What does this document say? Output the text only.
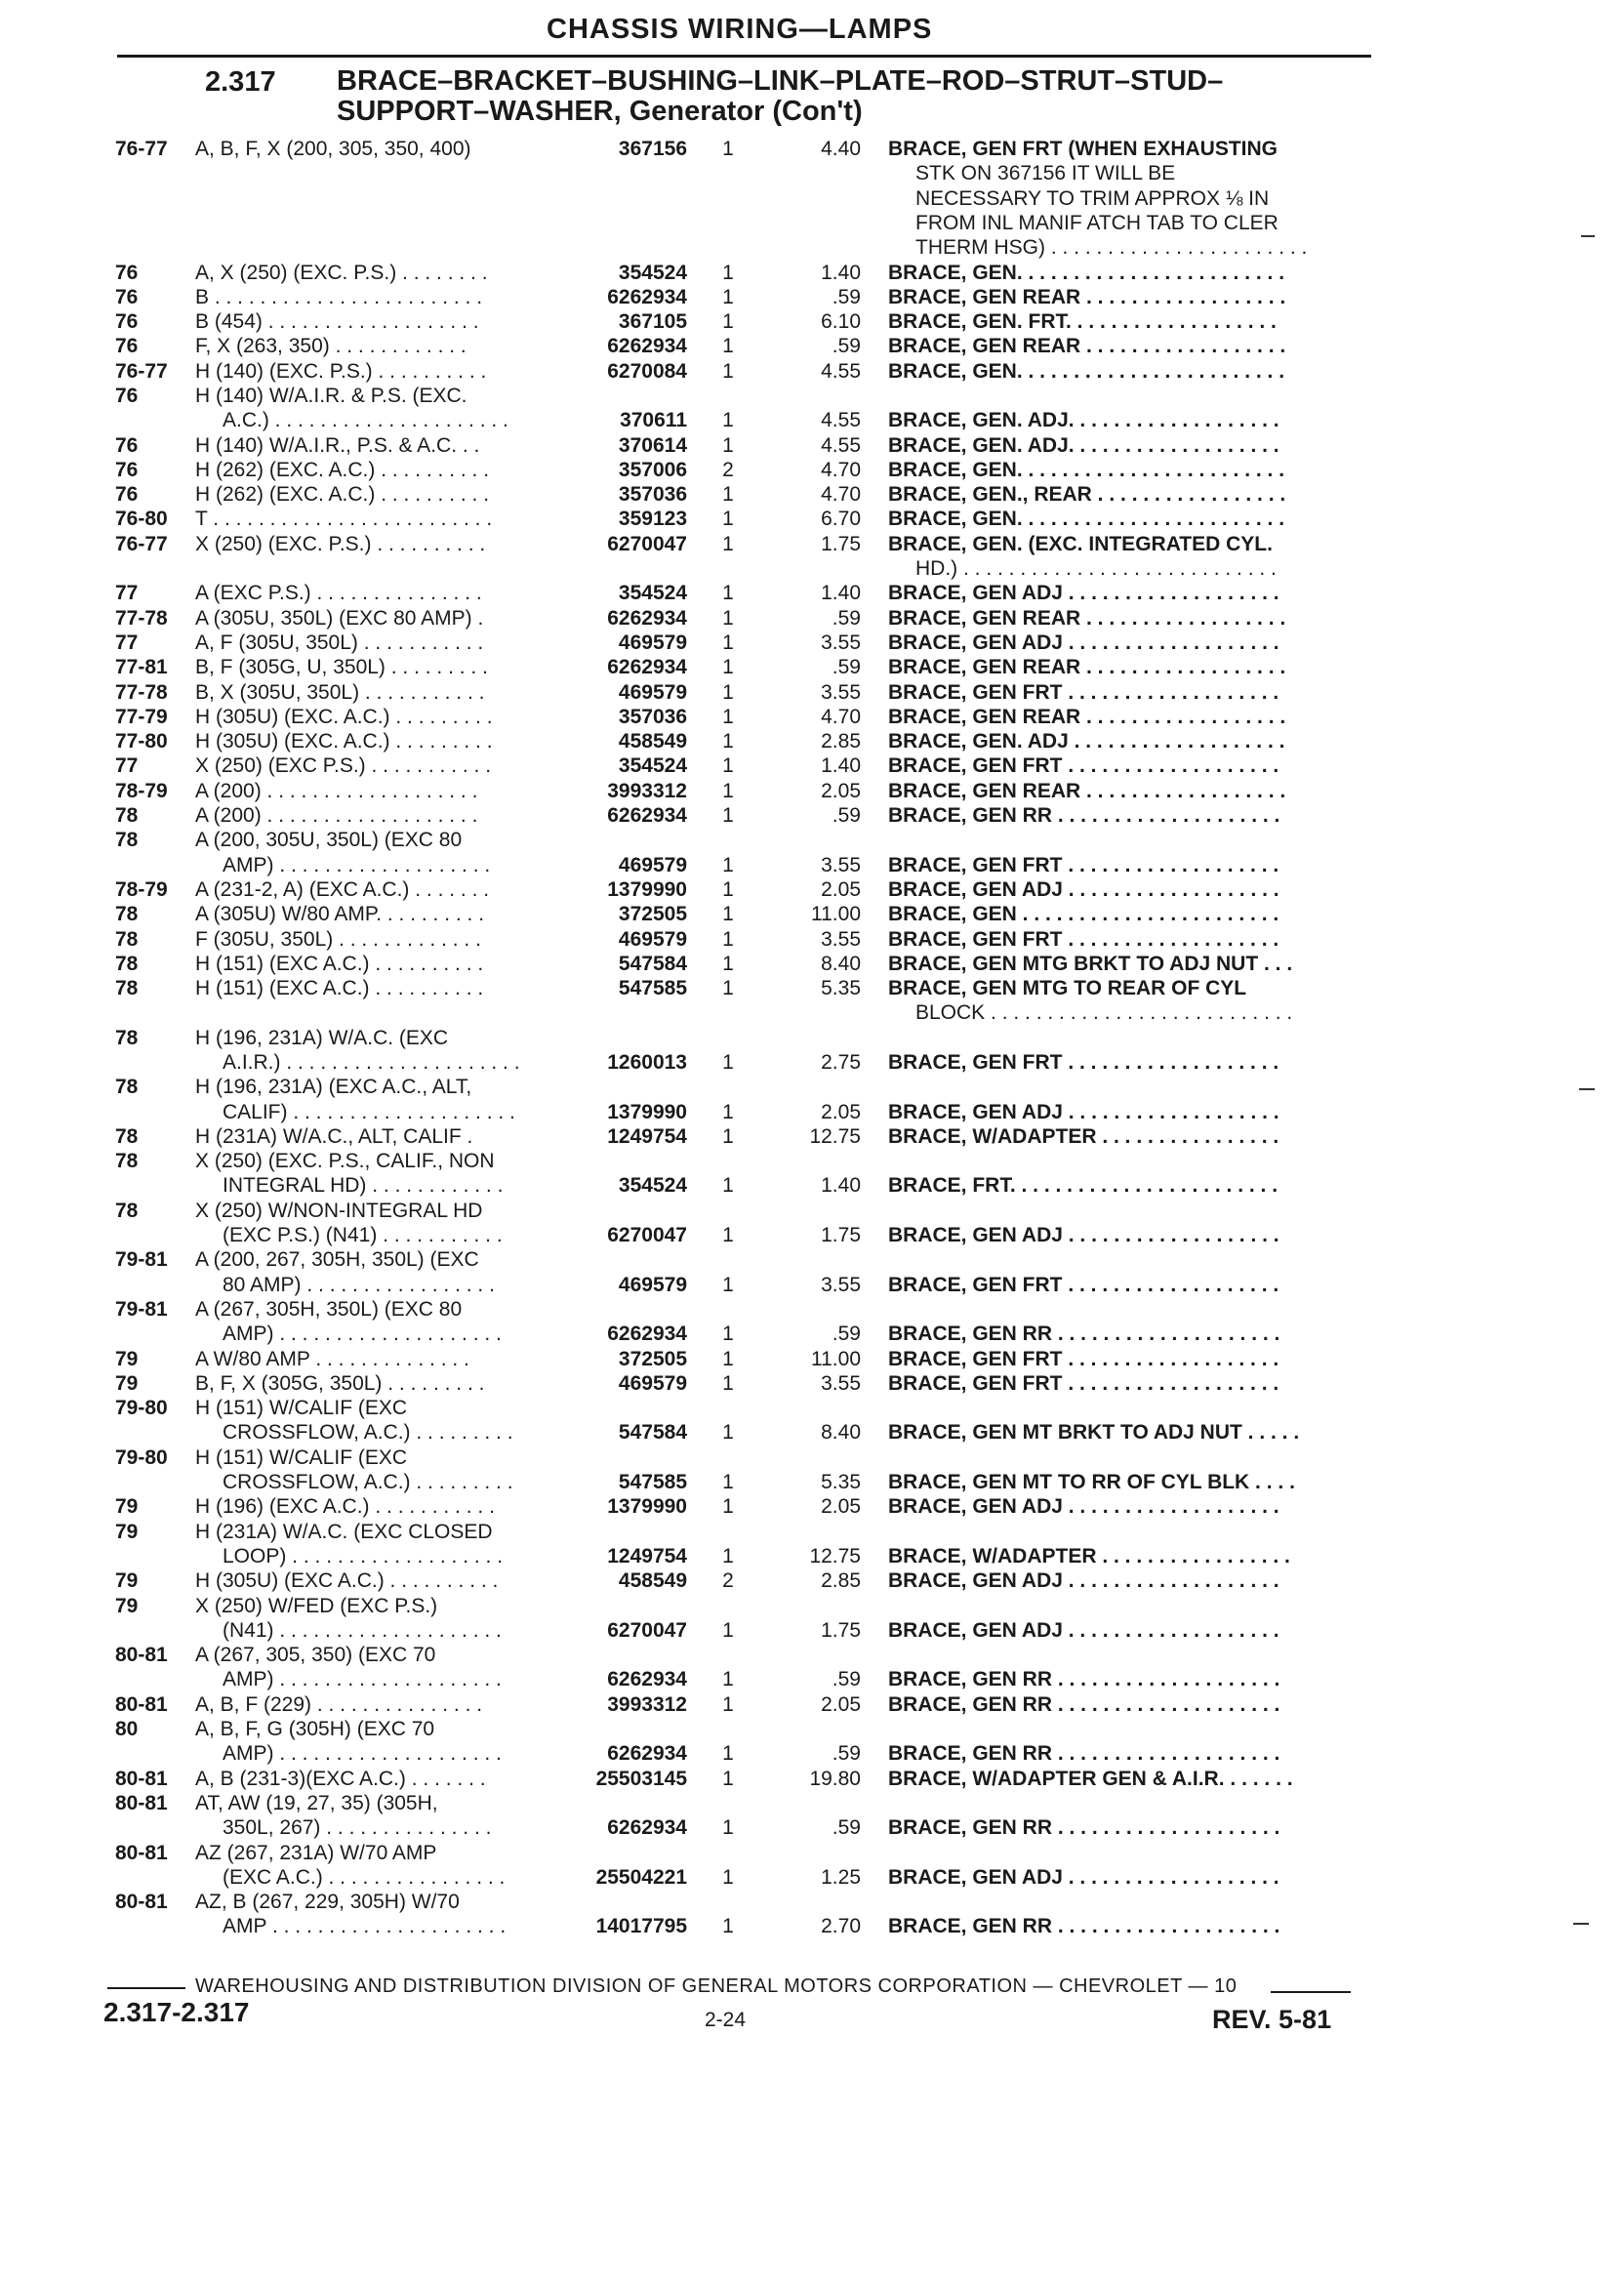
CHASSIS WIRING—LAMPS
2.317 BRACE–BRACKET–BUSHING–LINK–PLATE–ROD–STRUT–STUD–
SUPPORT–WASHER, Generator (Con't)
76-77 A, B, F, X (200, 305, 350, 400)	367156 1	4.40 BRACE, GEN FRT (WHEN EXHAUSTING
STK ON 367156 IT WILL BE
NECESSARY TO TRIM APPROX ⅛ IN
FROM INL MANIF ATCH TAB TO CLER
THERM HSG) . . . . . . . . . . . . . . . . . . . . . . .
76	A, X (250) (EXC. P.S.) . . . . . . . .	354524 1	1.40 BRACE, GEN. . . . . . . . . . . . . . . . . . . . . . . .
76	B . . . . . . . . . . . . . . . . . . . . . . . .	6262934 1	.59 BRACE, GEN REAR . . . . . . . . . . . . . . . . . .
76	B (454) . . . . . . . . . . . . . . . . . . .	367105 1	6.10 BRACE, GEN. FRT. . . . . . . . . . . . . . . . . . .
76	F, X (263, 350) . . . . . . . . . . . .	6262934 1	.59 BRACE, GEN REAR . . . . . . . . . . . . . . . . . .
76-77 H (140) (EXC. P.S.) . . . . . . . . . .	6270084 1	4.55 BRACE, GEN. . . . . . . . . . . . . . . . . . . . . . . .
76	H (140) W/A.I.R. & P.S. (EXC.
A.C.) . . . . . . . . . . . . . . . . . . . . .	370611 1	4.55 BRACE, GEN. ADJ. . . . . . . . . . . . . . . . . . .
76	H (140) W/A.I.R., P.S. & A.C. . .	370614 1	4.55 BRACE, GEN. ADJ. . . . . . . . . . . . . . . . . . .
76	H (262) (EXC. A.C.) . . . . . . . . . .	357006 2	4.70 BRACE, GEN. . . . . . . . . . . . . . . . . . . . . . . .
76	H (262) (EXC. A.C.) . . . . . . . . . .	357036 1	4.70 BRACE, GEN., REAR . . . . . . . . . . . . . . . . .
76-80 T . . . . . . . . . . . . . . . . . . . . . . . . .	359123 1	6.70 BRACE, GEN. . . . . . . . . . . . . . . . . . . . . . . .
76-77 X (250) (EXC. P.S.) . . . . . . . . . .	6270047 1	1.75 BRACE, GEN. (EXC. INTEGRATED CYL.
HD.) . . . . . . . . . . . . . . . . . . . . . . . . . . . .
77	A (EXC P.S.) . . . . . . . . . . . . . . .	354524 1	1.40 BRACE, GEN ADJ . . . . . . . . . . . . . . . . . . .
77-78 A (305U, 350L) (EXC 80 AMP) .	6262934 1	.59 BRACE, GEN REAR . . . . . . . . . . . . . . . . . .
77	A, F (305U, 350L) . . . . . . . . . . .	469579 1	3.55 BRACE, GEN ADJ . . . . . . . . . . . . . . . . . . .
77-81 B, F (305G, U, 350L) . . . . . . . . .	6262934 1	.59 BRACE, GEN REAR . . . . . . . . . . . . . . . . . .
77-78 B, X (305U, 350L) . . . . . . . . . . .	469579 1	3.55 BRACE, GEN FRT . . . . . . . . . . . . . . . . . . .
77-79 H (305U) (EXC. A.C.) . . . . . . . . .	357036 1	4.70 BRACE, GEN REAR . . . . . . . . . . . . . . . . . .
77-80 H (305U) (EXC. A.C.) . . . . . . . . .	458549 1	2.85 BRACE, GEN. ADJ . . . . . . . . . . . . . . . . . . .
77	X (250) (EXC P.S.) . . . . . . . . . . .	354524 1	1.40 BRACE, GEN FRT . . . . . . . . . . . . . . . . . . .
78-79 A (200) . . . . . . . . . . . . . . . . . . .	3993312 1	2.05 BRACE, GEN REAR . . . . . . . . . . . . . . . . . .
78	A (200) . . . . . . . . . . . . . . . . . . .	6262934 1	.59 BRACE, GEN RR . . . . . . . . . . . . . . . . . . . .
78	A (200, 305U, 350L) (EXC 80
AMP) . . . . . . . . . . . . . . . . . . .	469579 1	3.55 BRACE, GEN FRT . . . . . . . . . . . . . . . . . . .
78-79 A (231-2, A) (EXC A.C.) . . . . . . .	1379990 1	2.05 BRACE, GEN ADJ . . . . . . . . . . . . . . . . . . .
78	A (305U) W/80 AMP. . . . . . . . . .	372505 1	11.00 BRACE, GEN . . . . . . . . . . . . . . . . . . . . . . .
78	F (305U, 350L) . . . . . . . . . . . . .	469579 1	3.55 BRACE, GEN FRT . . . . . . . . . . . . . . . . . . .
78	H (151) (EXC A.C.) . . . . . . . . . .	547584 1	8.40 BRACE, GEN MTG BRKT TO ADJ NUT . . .
78	H (151) (EXC A.C.) . . . . . . . . . .	547585 1	5.35 BRACE, GEN MTG TO REAR OF CYL
BLOCK . . . . . . . . . . . . . . . . . . . . . . . . . . .
78	H (196, 231A) W/A.C. (EXC
A.I.R.) . . . . . . . . . . . . . . . . . . . . .	1260013 1	2.75 BRACE, GEN FRT . . . . . . . . . . . . . . . . . . .
78	H (196, 231A) (EXC A.C., ALT,
CALIF) . . . . . . . . . . . . . . . . . . . .	1379990 1	2.05 BRACE, GEN ADJ . . . . . . . . . . . . . . . . . . .
78	H (231A) W/A.C., ALT, CALIF .	1249754 1	12.75 BRACE, W/ADAPTER . . . . . . . . . . . . . . . .
78	X (250) (EXC. P.S., CALIF., NON
INTEGRAL HD) . . . . . . . . . . . .	354524 1	1.40 BRACE, FRT. . . . . . . . . . . . . . . . . . . . . . . .
78	X (250) W/NON-INTEGRAL HD
(EXC P.S.) (N41) . . . . . . . . . . .	6270047 1	1.75 BRACE, GEN ADJ . . . . . . . . . . . . . . . . . . .
79-81 A (200, 267, 305H, 350L) (EXC
80 AMP) . . . . . . . . . . . . . . . . .	469579 1	3.55 BRACE, GEN FRT . . . . . . . . . . . . . . . . . . .
79-81 A (267, 305H, 350L) (EXC 80
AMP) . . . . . . . . . . . . . . . . . . . .	6262934 1	.59 BRACE, GEN RR . . . . . . . . . . . . . . . . . . . .
79	A W/80 AMP . . . . . . . . . . . . . .	372505 1	11.00 BRACE, GEN FRT . . . . . . . . . . . . . . . . . . .
79	B, F, X (305G, 350L) . . . . . . . . .	469579 1	3.55 BRACE, GEN FRT . . . . . . . . . . . . . . . . . . .
79-80 H (151) W/CALIF (EXC
CROSSFLOW, A.C.) . . . . . . . . .	547584 1	8.40 BRACE, GEN MT BRKT TO ADJ NUT . . . . .
79-80 H (151) W/CALIF (EXC
CROSSFLOW, A.C.) . . . . . . . . .	547585 1	5.35 BRACE, GEN MT TO RR OF CYL BLK . . . .
79	H (196) (EXC A.C.) . . . . . . . . . . .	1379990 1	2.05 BRACE, GEN ADJ . . . . . . . . . . . . . . . . . . .
79	H (231A) W/A.C. (EXC CLOSED
LOOP) . . . . . . . . . . . . . . . . . . .	1249754 1	12.75 BRACE, W/ADAPTER . . . . . . . . . . . . . . . . .
79	H (305U) (EXC A.C.) . . . . . . . . . .	458549 2	2.85 BRACE, GEN ADJ . . . . . . . . . . . . . . . . . . .
79	X (250) W/FED (EXC P.S.)
(N41) . . . . . . . . . . . . . . . . . . . .	6270047 1	1.75 BRACE, GEN ADJ . . . . . . . . . . . . . . . . . . .
80-81 A (267, 305, 350) (EXC 70
AMP) . . . . . . . . . . . . . . . . . . . .	6262934 1	.59 BRACE, GEN RR . . . . . . . . . . . . . . . . . . . .
80-81 A, B, F (229) . . . . . . . . . . . . . . .	3993312 1	2.05 BRACE, GEN RR . . . . . . . . . . . . . . . . . . . .
80	A, B, F, G (305H) (EXC 70
AMP) . . . . . . . . . . . . . . . . . . . .	6262934 1	.59 BRACE, GEN RR . . . . . . . . . . . . . . . . . . . .
80-81 A, B (231-3)(EXC A.C.) . . . . . . .	25503145 1	19.80 BRACE, W/ADAPTER GEN & A.I.R. . . . . . .
80-81 AT, AW (19, 27, 35) (305H,
350L, 267) . . . . . . . . . . . . . . .	6262934 1	.59 BRACE, GEN RR . . . . . . . . . . . . . . . . . . . .
80-81 AZ (267, 231A) W/70 AMP
(EXC A.C.) . . . . . . . . . . . . . . . .	25504221 1	1.25 BRACE, GEN ADJ . . . . . . . . . . . . . . . . . . .
80-81 AZ, B (267, 229, 305H) W/70
AMP . . . . . . . . . . . . . . . . . . . . .	14017795 1	2.70 BRACE, GEN RR . . . . . . . . . . . . . . . . . . . .
WAREHOUSING AND DISTRIBUTION DIVISION OF GENERAL MOTORS CORPORATION — CHEVROLET — 10
2.317-2.317	2-24	REV. 5-81
